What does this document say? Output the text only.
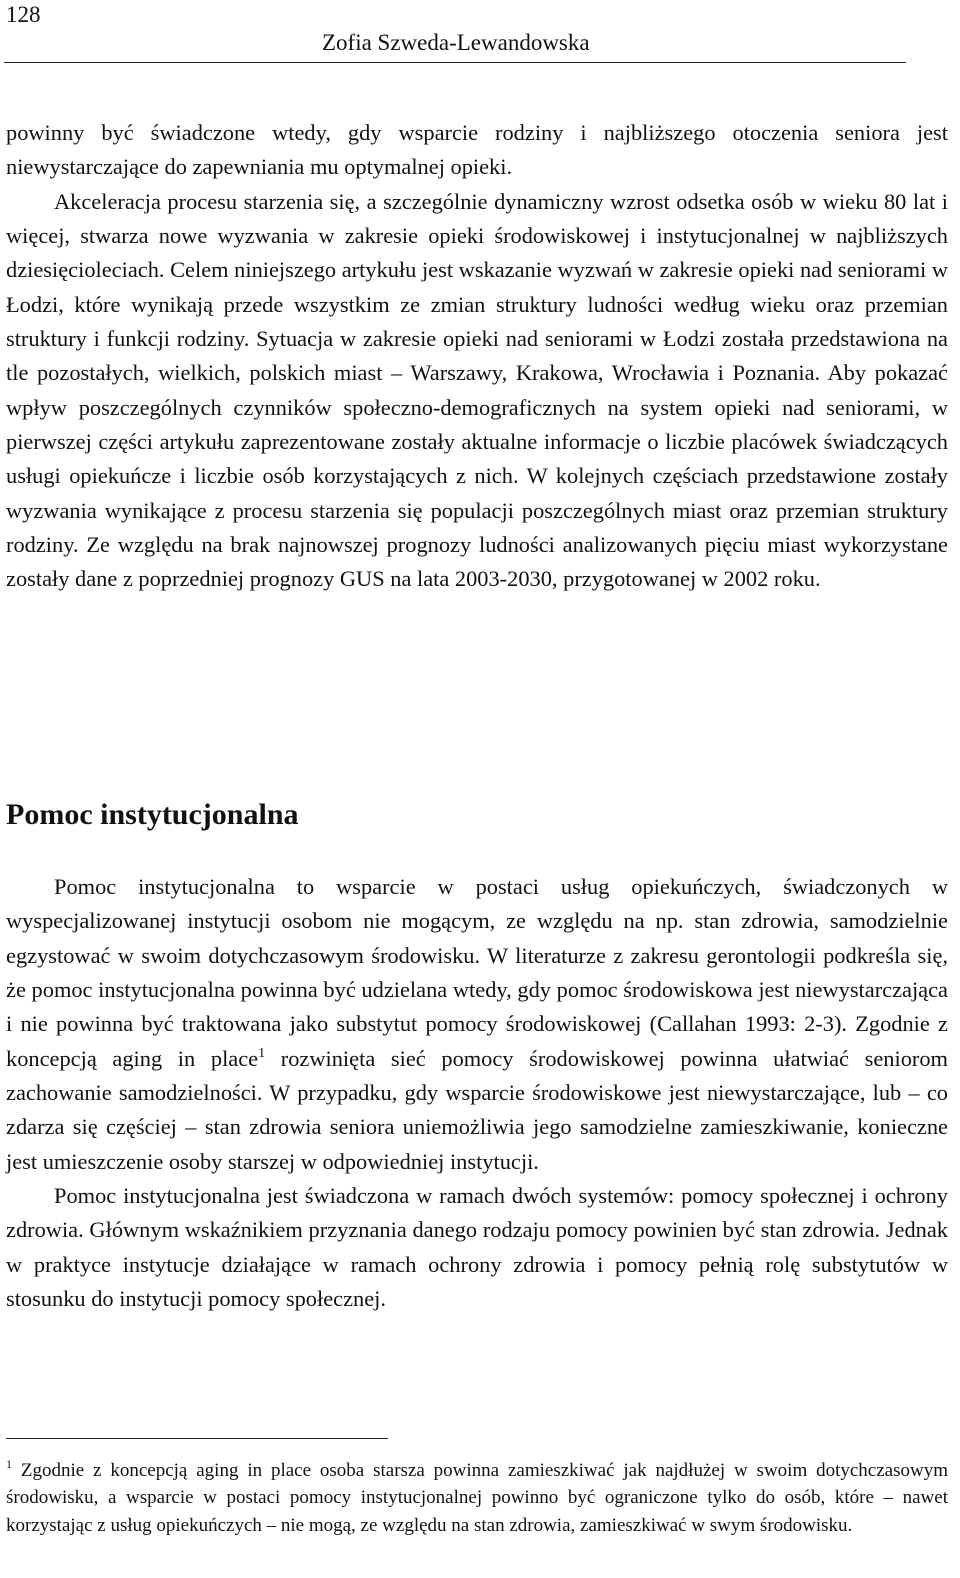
128
Zofia Szweda-Lewandowska

powinny być świadczone wtedy, gdy wsparcie rodziny i najbliższego otoczenia seniora jest niewystarczające do zapewniania mu optymalnej opieki.

Akceleracja procesu starzenia się, a szczególnie dynamiczny wzrost odsetka osób w wieku 80 lat i więcej, stwarza nowe wyzwania w zakresie opieki środowiskowej i instytucjonalnej w najbliższych dziesięcioleciach. Celem niniejszego artykułu jest wskazanie wyzwań w zakresie opieki nad seniorami w Łodzi, które wynikają przede wszystkim ze zmian struktury ludności według wieku oraz przemian struktury i funkcji rodziny. Sytuacja w zakresie opieki nad seniorami w Łodzi została przedstawiona na tle pozostałych, wielkich, polskich miast – Warszawy, Krakowa, Wrocławia i Poznania. Aby pokazać wpływ poszczególnych czynników społeczno-demograficznych na system opieki nad seniorami, w pierwszej części artykułu zaprezentowane zostały aktualne informacje o liczbie placówek świadczących usługi opiekuńcze i liczbie osób korzystających z nich. W kolejnych częściach przedstawione zostały wyzwania wynikające z procesu starzenia się populacji poszczególnych miast oraz przemian struktury rodziny. Ze względu na brak najnowszej prognozy ludności analizowanych pięciu miast wykorzystane zostały dane z poprzedniej prognozy GUS na lata 2003-2030, przygotowanej w 2002 roku.

Pomoc instytucjonalna

Pomoc instytucjonalna to wsparcie w postaci usług opiekuńczych, świadczonych w wyspecjalizowanej instytucji osobom nie mogącym, ze względu na np. stan zdrowia, samodzielnie egzystować w swoim dotychczasowym środowisku. W literaturze z zakresu gerontologii podkreśla się, że pomoc instytucjonalna powinna być udzielana wtedy, gdy pomoc środowiskowa jest niewystarczająca i nie powinna być traktowana jako substytut pomocy środowiskowej (Callahan 1993: 2-3). Zgodnie z koncepcją aging in place$^1$ rozwinięta sieć pomocy środowiskowej powinna ułatwiać seniorom zachowanie samodzielności. W przypadku, gdy wsparcie środowiskowe jest niewystarczające, lub – co zdarza się częściej – stan zdrowia seniora uniemożliwia jego samodzielne zamieszkiwanie, konieczne jest umieszczenie osoby starszej w odpowiedniej instytucji.

Pomoc instytucjonalna jest świadczona w ramach dwóch systemów: pomocy społecznej i ochrony zdrowia. Głównym wskaźnikiem przyznania danego rodzaju pomocy powinien być stan zdrowia. Jednak w praktyce instytucje działające w ramach ochrony zdrowia i pomocy pełnią rolę substytutów w stosunku do instytucji pomocy społecznej.

$^1$ Zgodnie z koncepcją aging in place osoba starsza powinna zamieszkiwać jak najdłużej w swoim dotychczasowym środowisku, a wsparcie w postaci pomocy instytucjonalnej powinno być ograniczone tylko do osób, które – nawet korzystając z usług opiekuńczych – nie mogą, ze względu na stan zdrowia, zamieszkiwać w swym środowisku.
